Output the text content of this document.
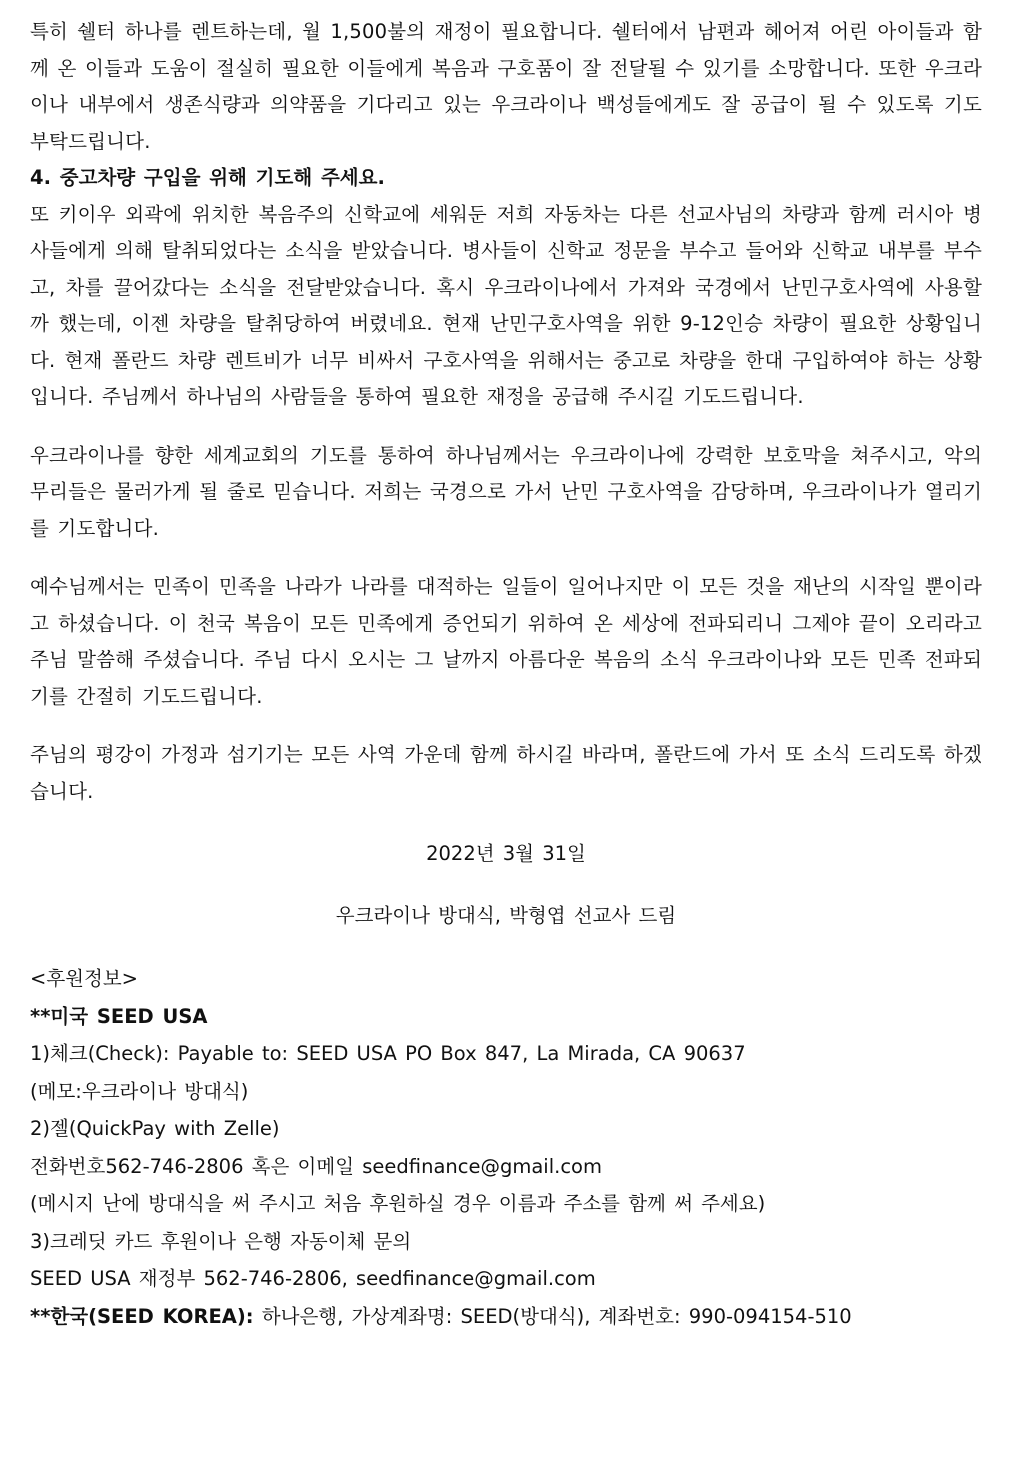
특히 쉘터 하나를 렌트하는데, 월 1,500불의 재정이 필요합니다. 쉘터에서 남편과 헤어져 어린 아이들과 함께 온 이들과 도움이 절실히 필요한 이들에게 복음과 구호품이 잘 전달될 수 있기를 소망합니다. 또한 우크라이나 내부에서 생존식량과 의약품을 기다리고 있는 우크라이나 백성들에게도 잘 공급이 될 수 있도록 기도 부탁드립니다.

4. 중고차량 구입을 위해 기도해 주세요.

또 키이우 외곽에 위치한 복음주의 신학교에 세워둔 저희 자동차는 다른 선교사님의 차량과 함께 러시아 병사들에게 의해 탈취되었다는 소식을 받았습니다. 병사들이 신학교 정문을 부수고 들어와 신학교 내부를 부수고, 차를 끌어갔다는 소식을 전달받았습니다. 혹시 우크라이나에서 가져와 국경에서 난민구호사역에 사용할까 했는데, 이젠 차량을 탈취당하여 버렸네요. 현재 난민구호사역을 위한 9-12인승 차량이 필요한 상황입니다. 현재 폴란드 차량 렌트비가 너무 비싸서 구호사역을 위해서는 중고로 차량을 한대 구입하여야 하는 상황입니다. 주님께서 하나님의 사람들을 통하여 필요한 재정을 공급해 주시길 기도드립니다.

우크라이나를 향한 세계교회의 기도를 통하여 하나님께서는 우크라이나에 강력한 보호막을 쳐주시고, 악의 무리들은 물러가게 될 줄로 믿습니다. 저희는 국경으로 가서 난민 구호사역을 감당하며, 우크라이나가 열리기를 기도합니다.

예수님께서는 민족이 민족을 나라가 나라를 대적하는 일들이 일어나지만 이 모든 것을 재난의 시작일 뿐이라고 하셨습니다. 이 천국 복음이 모든 민족에게 증언되기 위하여 온 세상에 전파되리니 그제야 끝이 오리라고 주님 말씀해 주셨습니다. 주님 다시 오시는 그 날까지 아름다운 복음의 소식 우크라이나와 모든 민족 전파되기를 간절히 기도드립니다.

주님의 평강이 가정과 섬기기는 모든 사역 가운데 함께 하시길 바라며, 폴란드에 가서 또 소식 드리도록 하겠습니다.

2022년 3월 31일

우크라이나 방대식, 박형엽 선교사 드림

<후원정보>

**미국 SEED USA

1)체크(Check): Payable to: SEED USA PO Box 847, La Mirada, CA 90637

(메모:우크라이나 방대식)

2)젤(QuickPay with Zelle)

전화번호562-746-2806 혹은 이메일 seedfinance@gmail.com

(메시지 난에 방대식을 써 주시고 처음 후원하실 경우 이름과 주소를 함께 써 주세요)

3)크레딧 카드 후원이나 은행 자동이체 문의

SEED USA 재정부 562-746-2806, seedfinance@gmail.com

**한국(SEED KOREA): 하나은행, 가상계좌명: SEED(방대식), 계좌번호: 990-094154-510
